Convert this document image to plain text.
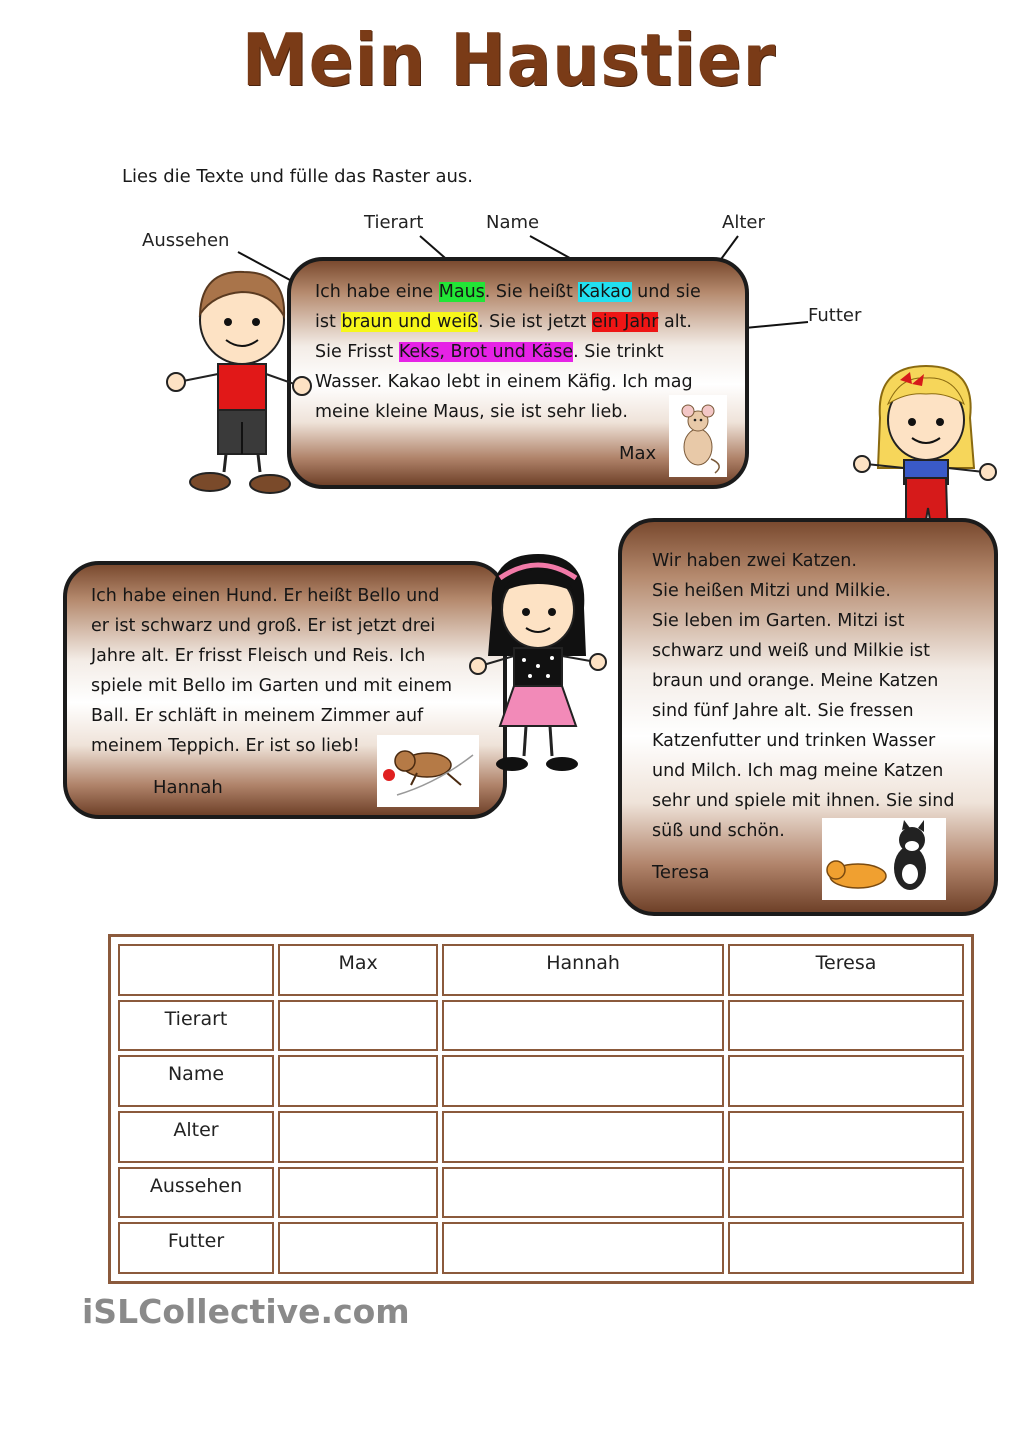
Mein Haustier
Lies die Texte und fülle das Raster aus.
Aussehen
Tierart	Name	Alter
Futter

Ich habe eine Maus. Sie heißt Kakao und sie

ist braun und weiß. Sie ist jetzt ein Jahr alt.

Sie Frisst Keks, Brot und Käse. Sie trinkt

Wasser. Kakao lebt in einem Käfig. Ich mag

meine kleine Maus, sie ist sehr lieb.

Max

Ich habe einen Hund. Er heißt Bello und

er ist schwarz und groß. Er ist jetzt drei

Jahre alt. Er frisst Fleisch und Reis. Ich

spiele mit Bello im Garten und mit einem

Ball. Er schläft in meinem Zimmer auf

meinem Teppich. Er ist so lieb!

Hannah

Wir haben zwei Katzen.

Sie heißen Mitzi und Milkie.

Sie leben im Garten. Mitzi ist

schwarz und weiß und Milkie ist

braun und orange. Meine Katzen

sind fünf Jahre alt. Sie fressen

Katzenfutter und trinken Wasser

und Milch. Ich mag meine Katzen

sehr und spiele mit ihnen. Sie sind

süß und schön.

Teresa
	Max	Hannah	Teresa
Tierart			
Name			
Alter			
Aussehen			
Futter			
iSLCollective.com
